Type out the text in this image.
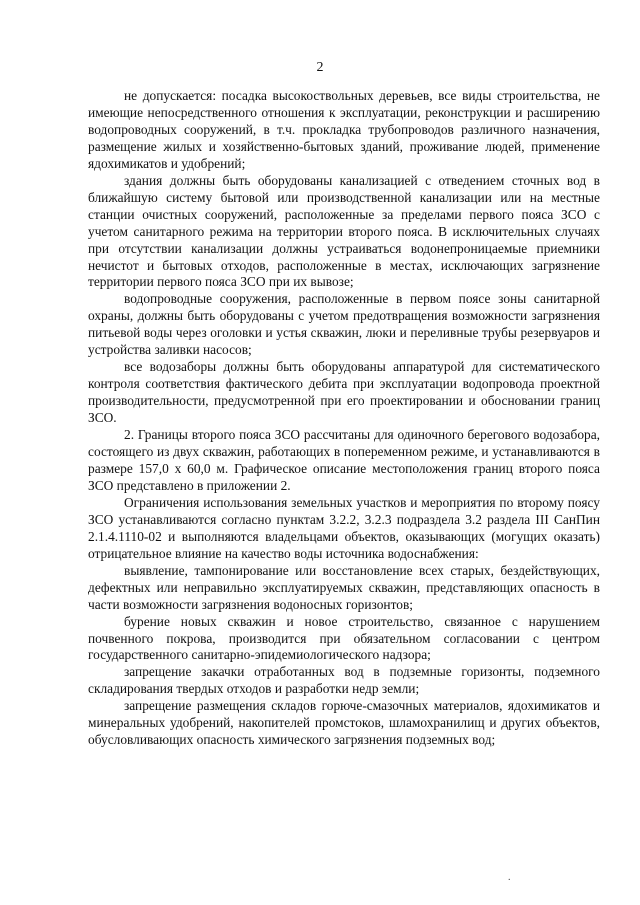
2

не допускается: посадка высокоствольных деревьев, все виды строительства, не имеющие непосредственного отношения к эксплуатации, реконструкции и расширению водопроводных сооружений, в т.ч. прокладка трубопроводов различного назначения, размещение жилых и хозяйственно-бытовых зданий, проживание людей, применение ядохимикатов и удобрений;

здания должны быть оборудованы канализацией с отведением сточных вод в ближайшую систему бытовой или производственной канализации или на местные станции очистных сооружений, расположенные за пределами первого пояса ЗСО с учетом санитарного режима на территории второго пояса. В исключительных случаях при отсутствии канализации должны устраиваться водонепроницаемые приемники нечистот и бытовых отходов, расположенные в местах, исключающих загрязнение территории первого пояса ЗСО при их вывозе;

водопроводные сооружения, расположенные в первом поясе зоны санитарной охраны, должны быть оборудованы с учетом предотвращения возможности загрязнения питьевой воды через оголовки и устья скважин, люки и переливные трубы резервуаров и устройства заливки насосов;

все водозаборы должны быть оборудованы аппаратурой для систематического контроля соответствия фактического дебита при эксплуатации водопровода проектной производительности, предусмотренной при его проектировании и обосновании границ ЗСО.

2. Границы второго пояса ЗСО рассчитаны для одиночного берегового водозабора, состоящего из двух скважин, работающих в попеременном режиме, и устанавливаются в размере 157,0 х 60,0 м. Графическое описание местоположения границ второго пояса ЗСО представлено в приложении 2.

Ограничения использования земельных участков и мероприятия по второму поясу ЗСО устанавливаются согласно пунктам 3.2.2, 3.2.3 подраздела 3.2 раздела III СанПин 2.1.4.1110-02 и выполняются владельцами объектов, оказывающих (могущих оказать) отрицательное влияние на качество воды источника водоснабжения:

выявление, тампонирование или восстановление всех старых, бездействующих, дефектных или неправильно эксплуатируемых скважин, представляющих опасность в части возможности загрязнения водоносных горизонтов;

бурение новых скважин и новое строительство, связанное с нарушением почвенного покрова, производится при обязательном согласовании с центром государственного санитарно-эпидемиологического надзора;

запрещение закачки отработанных вод в подземные горизонты, подземного складирования твердых отходов и разработки недр земли;

запрещение размещения складов горюче-смазочных материалов, ядохимикатов и минеральных удобрений, накопителей промстоков, шламохранилищ и других объектов, обусловливающих опасность химического загрязнения подземных вод;

.
